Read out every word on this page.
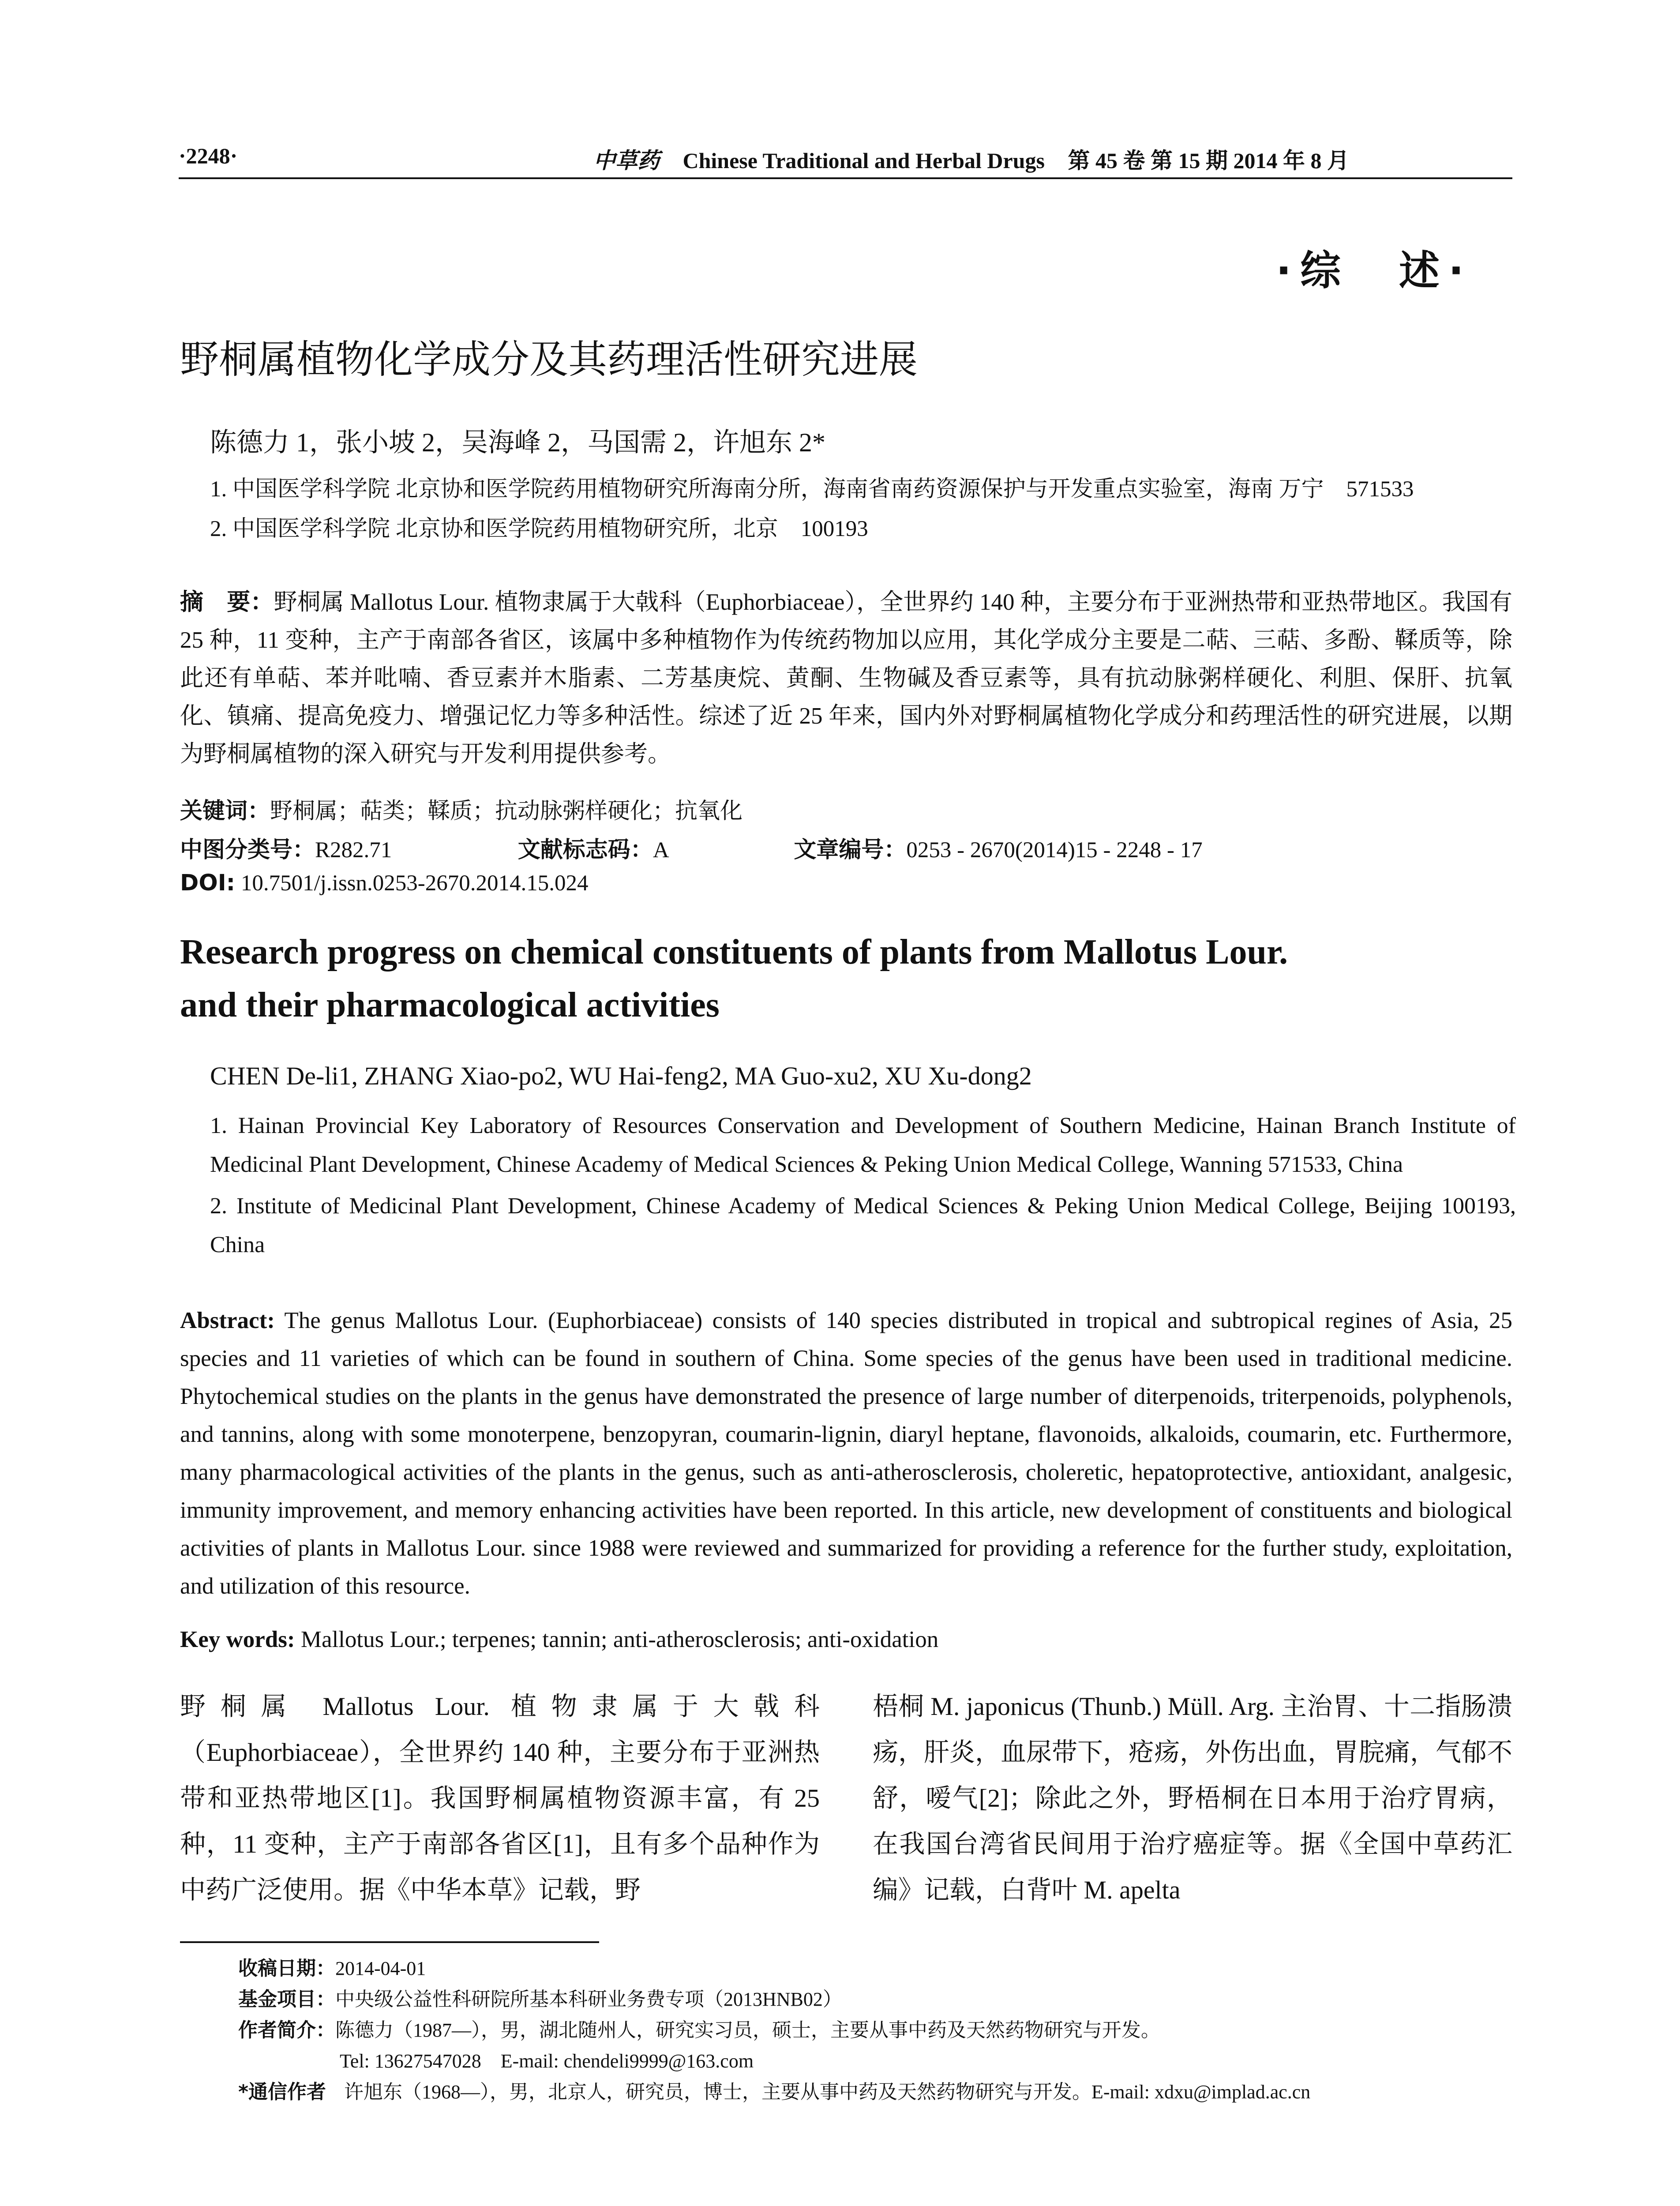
·2248·	中草药 Chinese Traditional and Herbal Drugs 第 45 卷 第 15 期 2014 年 8 月
·综　述·
野桐属植物化学成分及其药理活性研究进展
陈德力 1，张小坡 2，吴海峰 2，马国需 2，许旭东 2*
1. 中国医学科学院 北京协和医学院药用植物研究所海南分所，海南省南药资源保护与开发重点实验室，海南 万宁　571533
2. 中国医学科学院 北京协和医学院药用植物研究所，北京　100193
摘　要：野桐属 Mallotus Lour. 植物隶属于大戟科（Euphorbiaceae），全世界约 140 种，主要分布于亚洲热带和亚热带地区。我国有 25 种，11 变种，主产于南部各省区，该属中多种植物作为传统药物加以应用，其化学成分主要是二萜、三萜、多酚、鞣质等，除此还有单萜、苯并吡喃、香豆素并木脂素、二芳基庚烷、黄酮、生物碱及香豆素等，具有抗动脉粥样硬化、利胆、保肝、抗氧化、镇痛、提高免疫力、增强记忆力等多种活性。综述了近 25 年来，国内外对野桐属植物化学成分和药理活性的研究进展，以期为野桐属植物的深入研究与开发利用提供参考。
关键词：野桐属；萜类；鞣质；抗动脉粥样硬化；抗氧化
中图分类号：R282.71	文献标志码：A	文章编号：0253 - 2670(2014)15 - 2248 - 17
DOI: 10.7501/j.issn.0253-2670.2014.15.024
Research progress on chemical constituents of plants from Mallotus Lour.
and their pharmacological activities
CHEN De-li1, ZHANG Xiao-po2, WU Hai-feng2, MA Guo-xu2, XU Xu-dong2
1. Hainan Provincial Key Laboratory of Resources Conservation and Development of Southern Medicine, Hainan Branch Institute of Medicinal Plant Development, Chinese Academy of Medical Sciences & Peking Union Medical College, Wanning 571533, China
2. Institute of Medicinal Plant Development, Chinese Academy of Medical Sciences & Peking Union Medical College, Beijing 100193, China
Abstract: The genus Mallotus Lour. (Euphorbiaceae) consists of 140 species distributed in tropical and subtropical regines of Asia, 25 species and 11 varieties of which can be found in southern of China. Some species of the genus have been used in traditional medicine. Phytochemical studies on the plants in the genus have demonstrated the presence of large number of diterpenoids, triterpenoids, polyphenols, and tannins, along with some monoterpene, benzopyran, coumarin-lignin, diaryl heptane, flavonoids, alkaloids, coumarin, etc. Furthermore, many pharmacological activities of the plants in the genus, such as anti-atherosclerosis, choleretic, hepatoprotective, antioxidant, analgesic, immunity improvement, and memory enhancing activities have been reported. In this article, new development of constituents and biological activities of plants in Mallotus Lour. since 1988 were reviewed and summarized for providing a reference for the further study, exploitation, and utilization of this resource.
Key words: Mallotus Lour.; terpenes; tannin; anti-atherosclerosis; anti-oxidation
野桐属 Mallotus Lour. 植物隶属于大戟科（Euphorbiaceae），全世界约 140 种，主要分布于亚洲热带和亚热带地区[1]。我国野桐属植物资源丰富，有 25 种，11 变种，主产于南部各省区[1]，且有多个品种作为中药广泛使用。据《中华本草》记载，野
梧桐 M. japonicus (Thunb.) Müll. Arg. 主治胃、十二指肠溃疡，肝炎，血尿带下，疮疡，外伤出血，胃脘痛，气郁不舒，嗳气[2]；除此之外，野梧桐在日本用于治疗胃病，在我国台湾省民间用于治疗癌症等。据《全国中草药汇编》记载，白背叶 M. apelta
收稿日期：2014-04-01
基金项目：中央级公益性科研院所基本科研业务费专项（2013HNB02）
作者简介：陈德力（1987—），男，湖北随州人，研究实习员，硕士，主要从事中药及天然药物研究与开发。
Tel: 13627547028　E-mail: chendeli9999@163.com
*通信作者 许旭东（1968—），男，北京人，研究员，博士，主要从事中药及天然药物研究与开发。E-mail: xdxu@implad.ac.cn
